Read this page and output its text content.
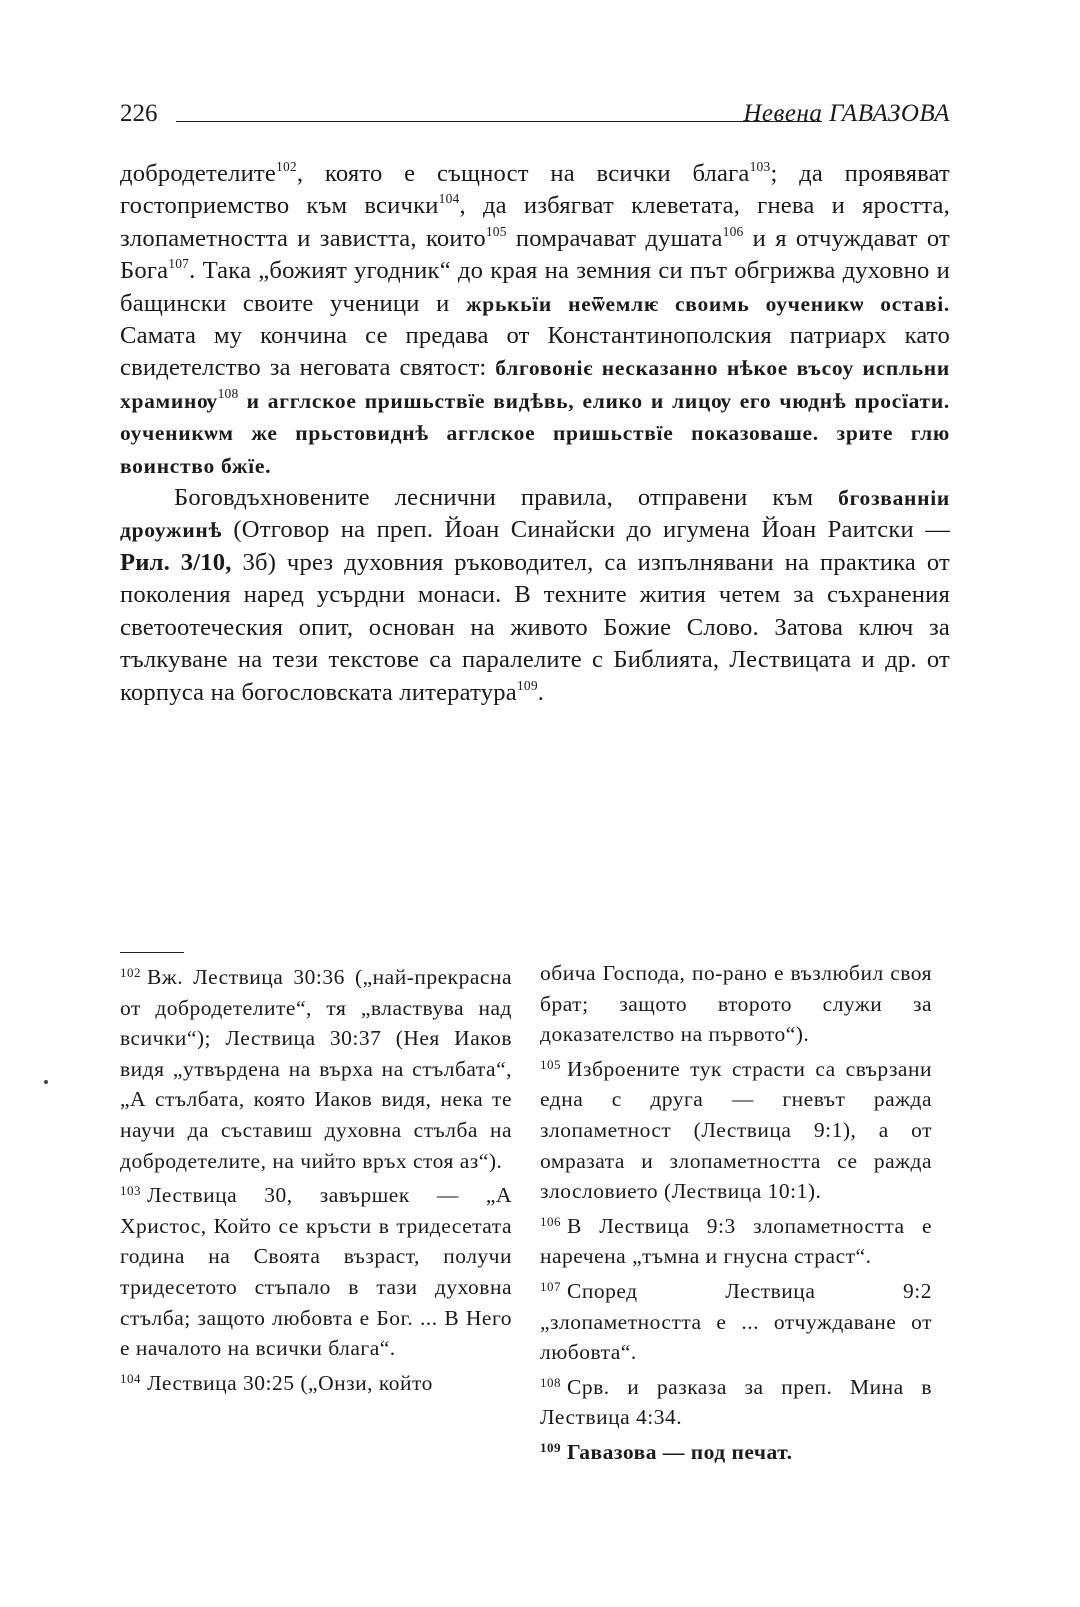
226	Невена ГАВАЗОВА

добродетелите$^{102}$, която е същност на всички блага$^{103}$; да проявяват гостоприемство към всички$^{104}$, да избягват клеветата, гнева и яростта, злопаметността и завистта, които$^{105}$ помрачават душата$^{106}$ и я отчуждават от Бога$^{107}$. Така „божият угодник“ до края на земния си път обгрижва духовно и бащински своите ученици и жрькьїи неѿемлѥ своимь оученикѡ оставі. Самата му кончина се предава от Константинополския патриарх като свидетелство за неговата святост: блговоніє несказанно нѣкое въсоу испльни храминѹ$^{108}$ и агглское пришьствїе видѣвь, елико и лицѹ его чюднѣ просїати. оученикѡм же прьстовиднѣ агглское пришьствїе показоваше. зрите глю воинство бжїе.

Боговдъхновените леснични правила, отправени към бгозванніи дроужинѣ (Отговор на преп. Йоан Синайски до игумена Йоан Раитски — Рил. 3/10, 3б) чрез духовния ръководител, са изпълнявани на практика от поколения наред усърдни монаси. В техните жития четем за съхранения светоотеческия опит, основан на живото Божие Слово. Затова ключ за тълкуване на тези текстове са паралелите с Библията, Лествицата и др. от корпуса на богословската литература$^{109}$.

$^{102}$ Вж. Лествица 30:36 („най-прекрасна от добродетелите“, тя „властвува над всички“); Лествица 30:37 (Нея Иаков видя „утвърдена на върха на стълбата“, „А стълбата, която Иаков видя, нека те научи да съставиш духовна стълба на добродетелите, на чийто връх стоя аз“).

$^{103}$ Лествица 30, завършек — „А Христос, Който се кръсти в тридесетата година на Своята възраст, получи тридесетото стъпало в тази духовна стълба; защото любовта е Бог. ... В Него е началото на всички блага“.

$^{104}$ Лествица 30:25 („Онзи, който

обича Господа, по-рано е възлюбил своя брат; защото второто служи за доказателство на първото“).

$^{105}$ Изброените тук страсти са свързани една с друга — гневът ражда злопаметност (Лествица 9:1), а от омразата и злопаметността се ражда злословието (Лествица 10:1).

$^{106}$ В Лествица 9:3 злопаметността е наречена „тъмна и гнусна страст“.

$^{107}$ Според Лествица 9:2 „злопаметността е ... отчуждаване от любовта“.

$^{108}$ Срв. и разказа за преп. Мина в Лествица 4:34.

$^{109}$ Гавазова — под печат.
